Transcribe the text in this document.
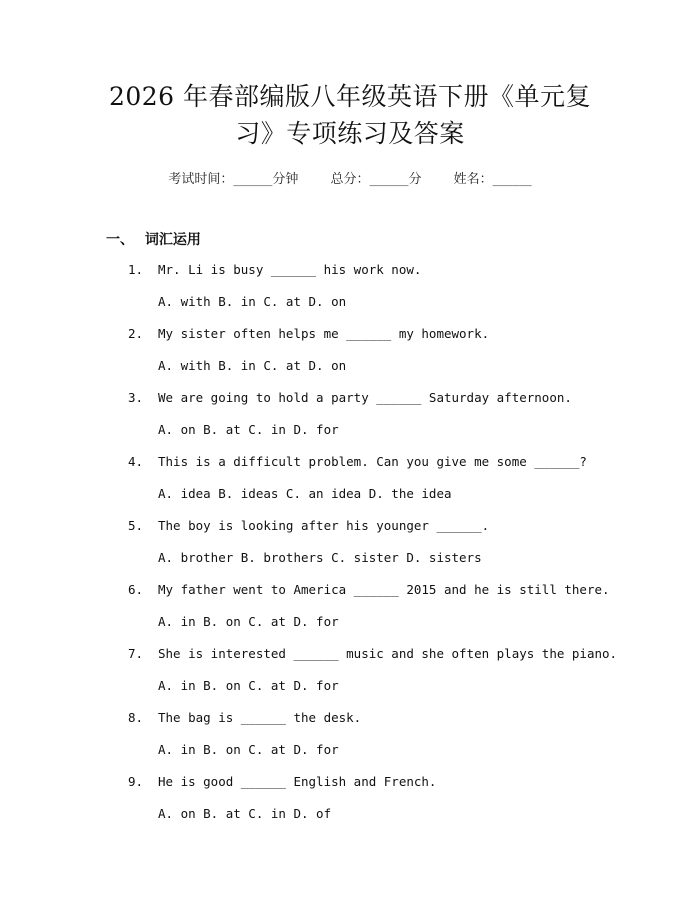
2026 年春部编版八年级英语下册《单元复
习》专项练习及答案
考试时间：______分钟 总分：______分 姓名：______
一、 词汇运用
1. Mr. Li is busy ______ his work now.
A. with B. in C. at D. on
2. My sister often helps me ______ my homework.
A. with B. in C. at D. on
3. We are going to hold a party ______ Saturday afternoon.
A. on B. at C. in D. for
4. This is a difficult problem. Can you give me some ______?
A. idea B. ideas C. an idea D. the idea
5. The boy is looking after his younger ______.
A. brother B. brothers C. sister D. sisters
6. My father went to America ______ 2015 and he is still there.
A. in B. on C. at D. for
7. She is interested ______ music and she often plays the piano.
A. in B. on C. at D. for
8. The bag is ______ the desk.
A. in B. on C. at D. for
9. He is good ______ English and French.
A. on B. at C. in D. of
